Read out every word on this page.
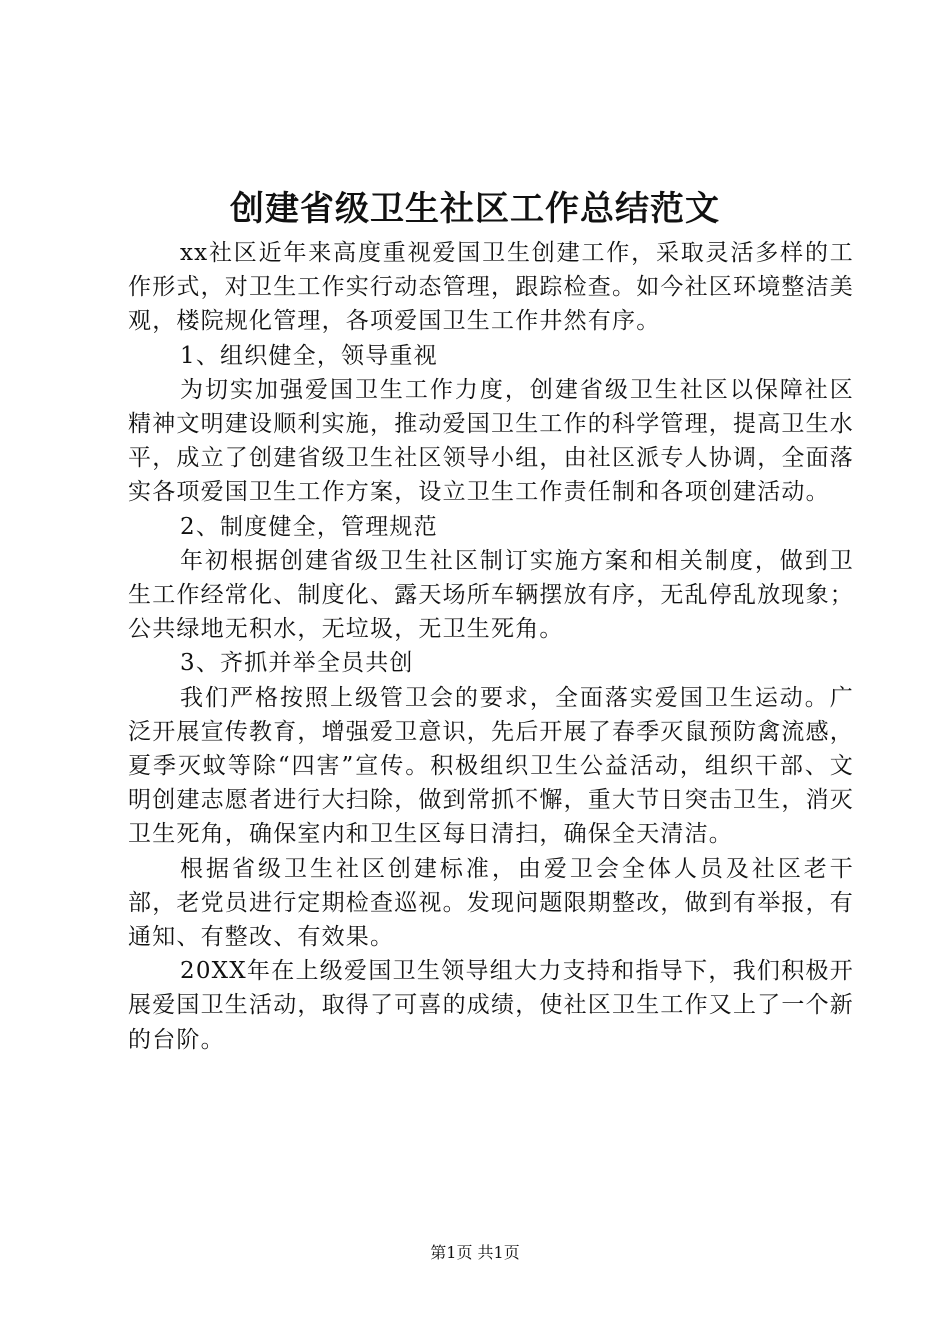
创建省级卫生社区工作总结范文

xx社区近年来高度重视爱国卫生创建工作，采取灵活多样的工作形式，对卫生工作实行动态管理，跟踪检查。如今社区环境整洁美观，楼院规化管理，各项爱国卫生工作井然有序。

1、组织健全，领导重视

为切实加强爱国卫生工作力度，创建省级卫生社区以保障社区精神文明建设顺利实施，推动爱国卫生工作的科学管理，提高卫生水平，成立了创建省级卫生社区领导小组，由社区派专人协调，全面落实各项爱国卫生工作方案，设立卫生工作责任制和各项创建活动。

2、制度健全，管理规范

年初根据创建省级卫生社区制订实施方案和相关制度，做到卫生工作经常化、制度化、露天场所车辆摆放有序，无乱停乱放现象；公共绿地无积水，无垃圾，无卫生死角。

3、齐抓并举全员共创

我们严格按照上级管卫会的要求，全面落实爱国卫生运动。广泛开展宣传教育，增强爱卫意识，先后开展了春季灭鼠预防禽流感，夏季灭蚊等除“四害”宣传。积极组织卫生公益活动，组织干部、文明创建志愿者进行大扫除，做到常抓不懈，重大节日突击卫生，消灭卫生死角，确保室内和卫生区每日清扫，确保全天清洁。

根据省级卫生社区创建标准，由爱卫会全体人员及社区老干部，老党员进行定期检查巡视。发现问题限期整改，做到有举报，有通知、有整改、有效果。

20XX年在上级爱国卫生领导组大力支持和指导下，我们积极开展爱国卫生活动，取得了可喜的成绩，使社区卫生工作又上了一个新的台阶。

第1页 共1页
